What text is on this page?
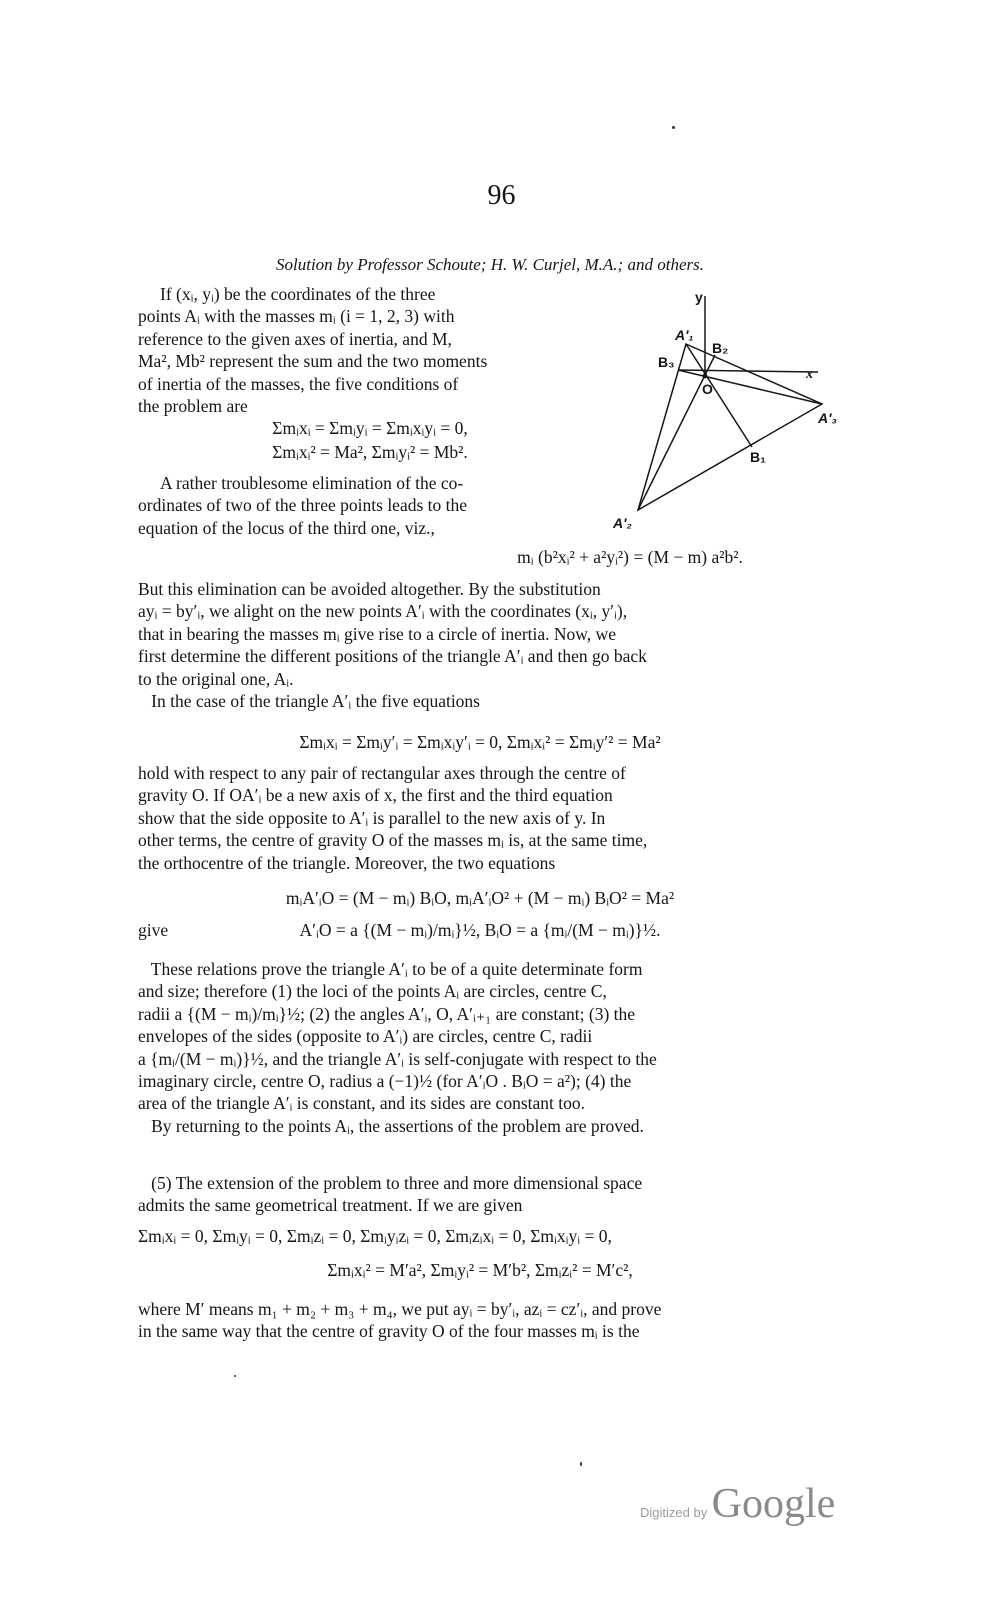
96
Solution by Professor Schoute; H. W. Curjel, M.A.; and others.
If (xᵢ, yᵢ) be the coordinates of the three
points Aᵢ with the masses mᵢ (i = 1, 2, 3) with
reference to the given axes of inertia, and M,
Ma², Mb² represent the sum and the two moments
of inertia of the masses, the five conditions of
the problem are
Σmᵢxᵢ = Σmᵢyᵢ = Σmᵢxᵢyᵢ = 0,
Σmᵢxᵢ² = Ma², Σmᵢyᵢ² = Mb².
A rather troublesome elimination of the co-
ordinates of two of the three points leads to the
equation of the locus of the third one, viz.,
y
x
O
A′₁
A′₂
A′₃
B₁
B₂
B₃
mᵢ (b²xᵢ² + a²yᵢ²) = (M − m) a²b².
But this elimination can be avoided altogether. By the substitution
ayᵢ = by′ᵢ, we alight on the new points A′ᵢ with the coordinates (xᵢ, y′ᵢ),
that in bearing the masses mᵢ give rise to a circle of inertia. Now, we
first determine the different positions of the triangle A′ᵢ and then go back
to the original one, Aᵢ.
In the case of the triangle A′ᵢ the five equations
Σmᵢxᵢ = Σmᵢy′ᵢ = Σmᵢxᵢy′ᵢ = 0, Σmᵢxᵢ² = Σmᵢy′² = Ma²
hold with respect to any pair of rectangular axes through the centre of
gravity O. If OA′ᵢ be a new axis of x, the first and the third equation
show that the side opposite to A′ᵢ is parallel to the new axis of y. In
other terms, the centre of gravity O of the masses mᵢ is, at the same time,
the orthocentre of the triangle. Moreover, the two equations
mᵢA′ᵢO = (M − mᵢ) BᵢO, mᵢA′ᵢO² + (M − mᵢ) BᵢO² = Ma²
give	A′ᵢO = a {(M − mᵢ)/mᵢ}½, BᵢO = a {mᵢ/(M − mᵢ)}½.
These relations prove the triangle A′ᵢ to be of a quite determinate form
and size; therefore (1) the loci of the points Aᵢ are circles, centre C,
radii a {(M − mᵢ)/mᵢ}½; (2) the angles A′ᵢ, O, A′ᵢ₊₁ are constant; (3) the
envelopes of the sides (opposite to A′ᵢ) are circles, centre C, radii
a {mᵢ/(M − mᵢ)}½, and the triangle A′ᵢ is self-conjugate with respect to the
imaginary circle, centre O, radius a (−1)½ (for A′ᵢO . BᵢO = a²); (4) the
area of the triangle A′ᵢ is constant, and its sides are constant too.
By returning to the points Aᵢ, the assertions of the problem are proved.
(5) The extension of the problem to three and more dimensional space
admits the same geometrical treatment. If we are given
Σmᵢxᵢ = 0, Σmᵢyᵢ = 0, Σmᵢzᵢ = 0, Σmᵢyᵢzᵢ = 0, Σmᵢzᵢxᵢ = 0, Σmᵢxᵢyᵢ = 0,
Σmᵢxᵢ² = M′a², Σmᵢyᵢ² = M′b², Σmᵢzᵢ² = M′c²,
where M′ means m₁ + m₂ + m₃ + m₄, we put ayᵢ = by′ᵢ, azᵢ = cz′ᵢ, and prove
in the same way that the centre of gravity O of the four masses mᵢ is the
Digitized by Google
